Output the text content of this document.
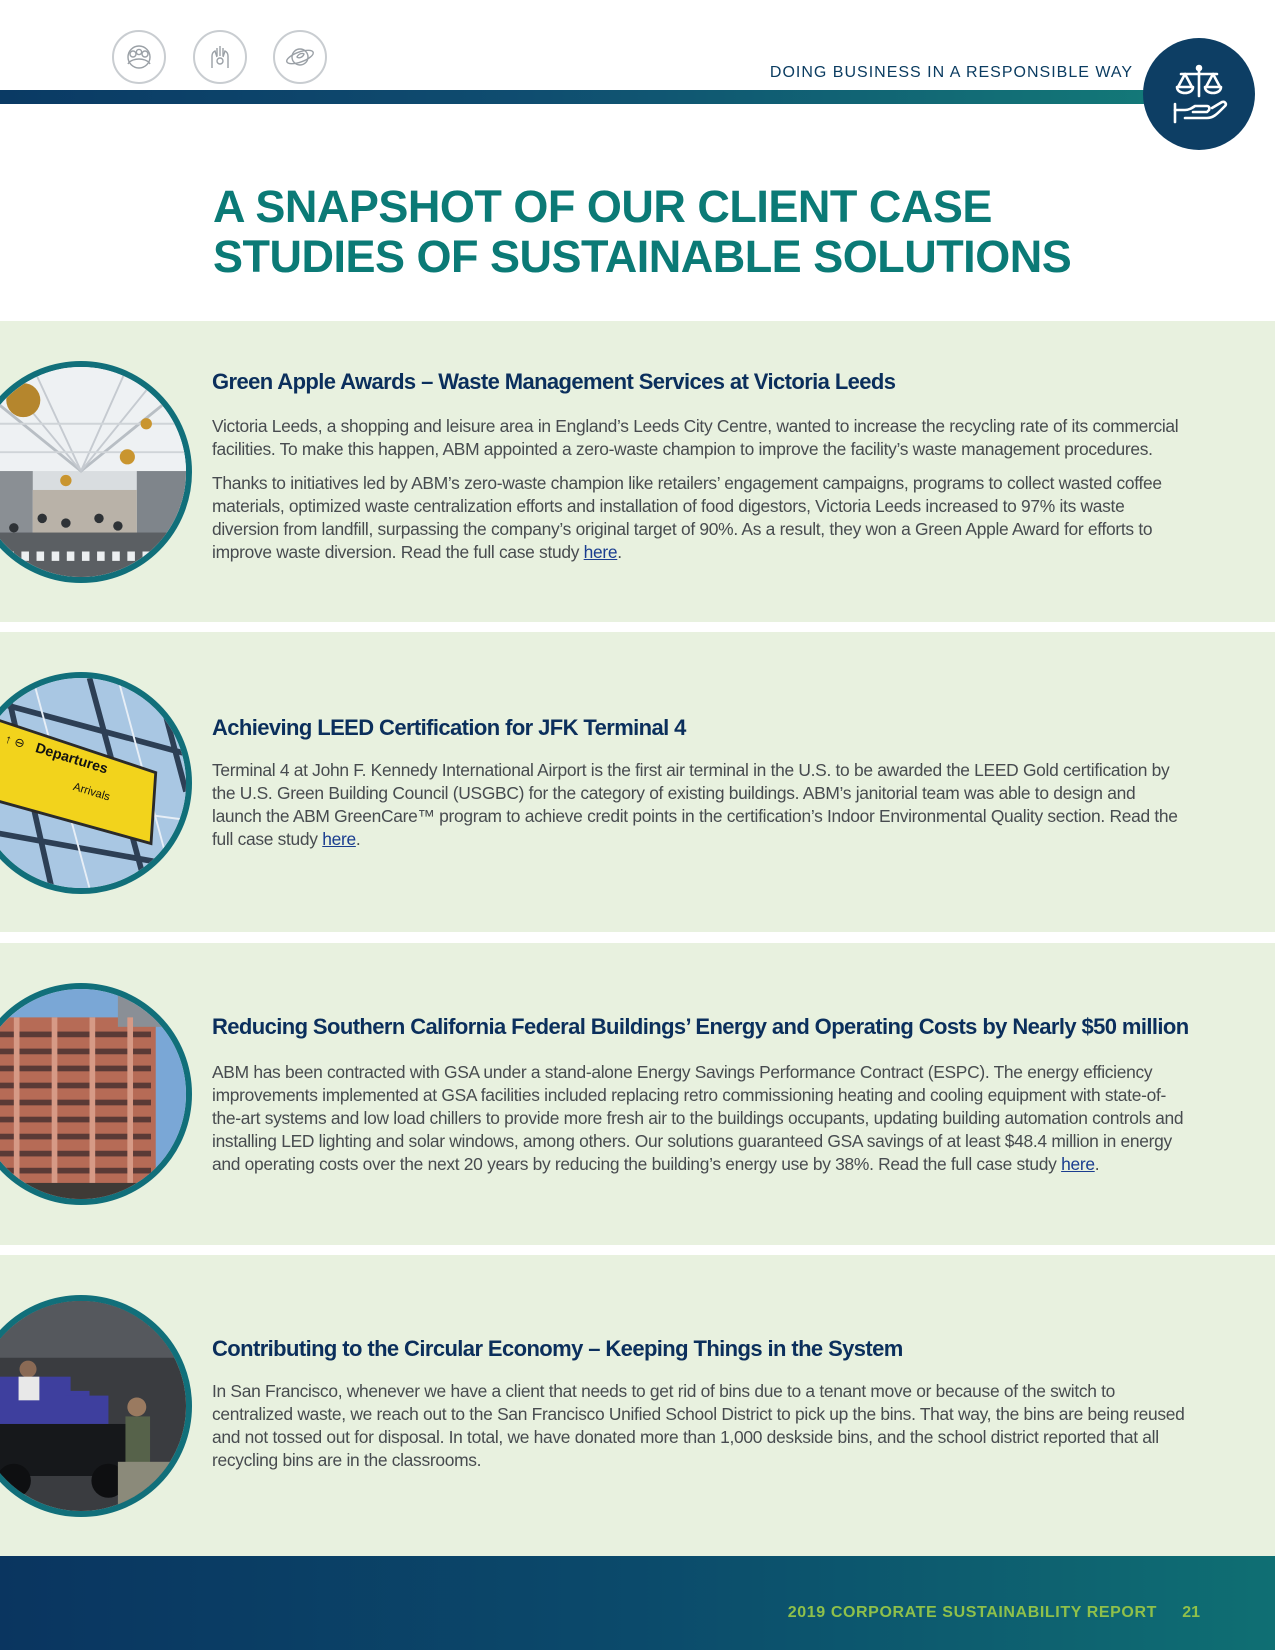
DOING BUSINESS IN A RESPONSIBLE WAY
A SNAPSHOT OF OUR CLIENT CASE
STUDIES OF SUSTAINABLE SOLUTIONS
Green Apple Awards – Waste Management Services at Victoria Leeds

Victoria Leeds, a shopping and leisure area in England’s Leeds City Centre, wanted to increase the recycling rate of its commercial facilities. To make this happen, ABM appointed a zero-waste champion to improve the facility’s waste management procedures.

Thanks to initiatives led by ABM’s zero-waste champion like retailers’ engagement campaigns, programs to collect wasted coffee materials, optimized waste centralization efforts and installation of food digestors, Victoria Leeds increased to 97% its waste diversion from landfill, surpassing the company’s original target of 90%. As a result, they won a Green Apple Award for efforts to improve waste diversion. Read the full case study here.

↑ ⊖ Departures
Arrivals
Achieving LEED Certification for JFK Terminal 4

Terminal 4 at John F. Kennedy International Airport is the first air terminal in the U.S. to be awarded the LEED Gold certification by the U.S. Green Building Council (USGBC) for the category of existing buildings. ABM’s janitorial team was able to design and launch the ABM GreenCare™ program to achieve credit points in the certification’s Indoor Environmental Quality section. Read the full case study here.

Reducing Southern California Federal Buildings’ Energy and Operating Costs by Nearly $50 million

ABM has been contracted with GSA under a stand-alone Energy Savings Performance Contract (ESPC). The energy efficiency improvements implemented at GSA facilities included replacing retro commissioning heating and cooling equipment with state-of-the-art systems and low load chillers to provide more fresh air to the buildings occupants, updating building automation controls and installing LED lighting and solar windows, among others. Our solutions guaranteed GSA savings of at least $48.4 million in energy and operating costs over the next 20 years by reducing the building’s energy use by 38%. Read the full case study here.

Contributing to the Circular Economy – Keeping Things in the System

In San Francisco, whenever we have a client that needs to get rid of bins due to a tenant move or because of the switch to centralized waste, we reach out to the San Francisco Unified School District to pick up the bins. That way, the bins are being reused and not tossed out for disposal. In total, we have donated more than 1,000 deskside bins, and the school district reported that all recycling bins are in the classrooms.

2019 CORPORATE SUSTAINABILITY REPORT 21
